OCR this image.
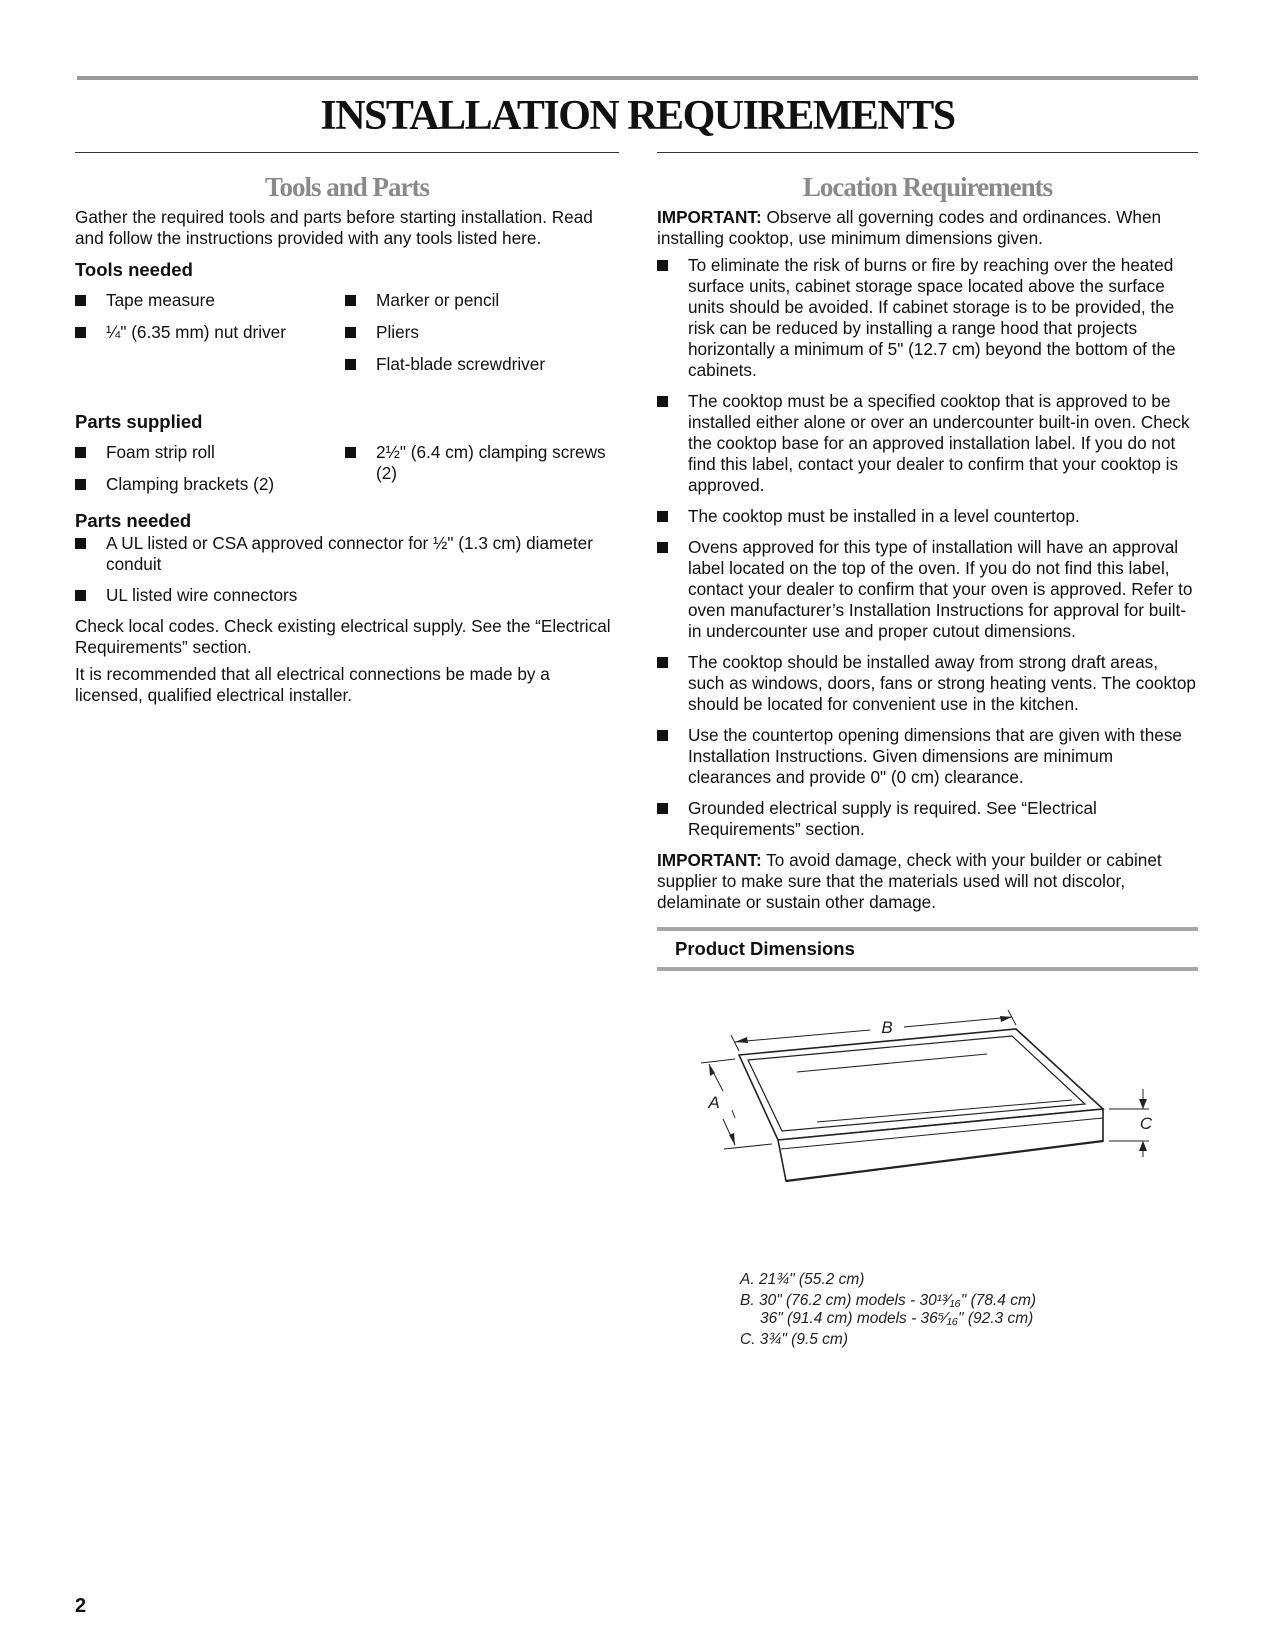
INSTALLATION REQUIREMENTS
Tools and Parts

Gather the required tools and parts before starting installation. Read and follow the instructions provided with any tools listed here.

Tools needed
Tape measure
¼" (6.35 mm) nut driver
Marker or pencil
Pliers
Flat-blade screwdriver
Parts supplied
Foam strip roll
Clamping brackets (2)
2½" (6.4 cm) clamping screws (2)
Parts needed
A UL listed or CSA approved connector for ½" (1.3 cm) diameter conduit
UL listed wire connectors

Check local codes. Check existing electrical supply. See the “Electrical Requirements” section.

It is recommended that all electrical connections be made by a licensed, qualified electrical installer.

Location Requirements

IMPORTANT: Observe all governing codes and ordinances. When installing cooktop, use minimum dimensions given.

To eliminate the risk of burns or fire by reaching over the heated surface units, cabinet storage space located above the surface units should be avoided. If cabinet storage is to be provided, the risk can be reduced by installing a range hood that projects horizontally a minimum of 5" (12.7 cm) beyond the bottom of the cabinets.
The cooktop must be a specified cooktop that is approved to be installed either alone or over an undercounter built-in oven. Check the cooktop base for an approved installation label. If you do not find this label, contact your dealer to confirm that your cooktop is approved.
The cooktop must be installed in a level countertop.
Ovens approved for this type of installation will have an approval label located on the top of the oven. If you do not find this label, contact your dealer to confirm that your oven is approved. Refer to oven manufacturer’s Installation Instructions for approval for built-in undercounter use and proper cutout dimensions.
The cooktop should be installed away from strong draft areas, such as windows, doors, fans or strong heating vents. The cooktop should be located for convenient use in the kitchen.
Use the countertop opening dimensions that are given with these Installation Instructions. Given dimensions are minimum clearances and provide 0" (0 cm) clearance.
Grounded electrical supply is required. See “Electrical Requirements” section.

IMPORTANT: To avoid damage, check with your builder or cabinet supplier to make sure that the materials used will not discolor, delaminate or sustain other damage.

Product Dimensions
B
A
C
A. 21¾" (55.2 cm)
B. 30" (76.2 cm) models - 30¹³⁄₁₆" (78.4 cm)
36" (91.4 cm) models - 36⁵⁄₁₆" (92.3 cm)
C. 3¾" (9.5 cm)
2
